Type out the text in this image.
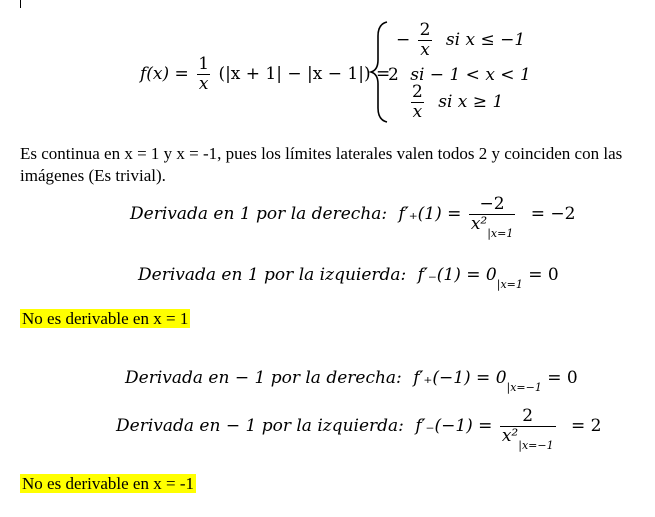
$f(x) = \frac{1}{x} (|x + 1| - |x - 1|)$ =
− $\frac{2}{x}$ si x ≤ −1
2 si − 1 < x < 1
$\frac{2}{x}$ si x ≥ 1
Es continua en x = 1 y x = -1, pues los límites laterales valen todos 2 y coinciden con las imágenes (Es trivial).
Derivada en 1 por la derecha: $f'_+(1) = \frac{-2}{x^2_{|x=1}} = -2$
Derivada en 1 por la izquierda: $f'_-(1) = 0_{|x=1} = 0$
No es derivable en x = 1
Derivada en − 1 por la derecha: $f'_+(-1) = 0_{|x=-1} = 0$
Derivada en − 1 por la izquierda: $f'_-(-1) = \frac{2}{x^2_{|x=-1}} = 2$
No es derivable en x = -1
